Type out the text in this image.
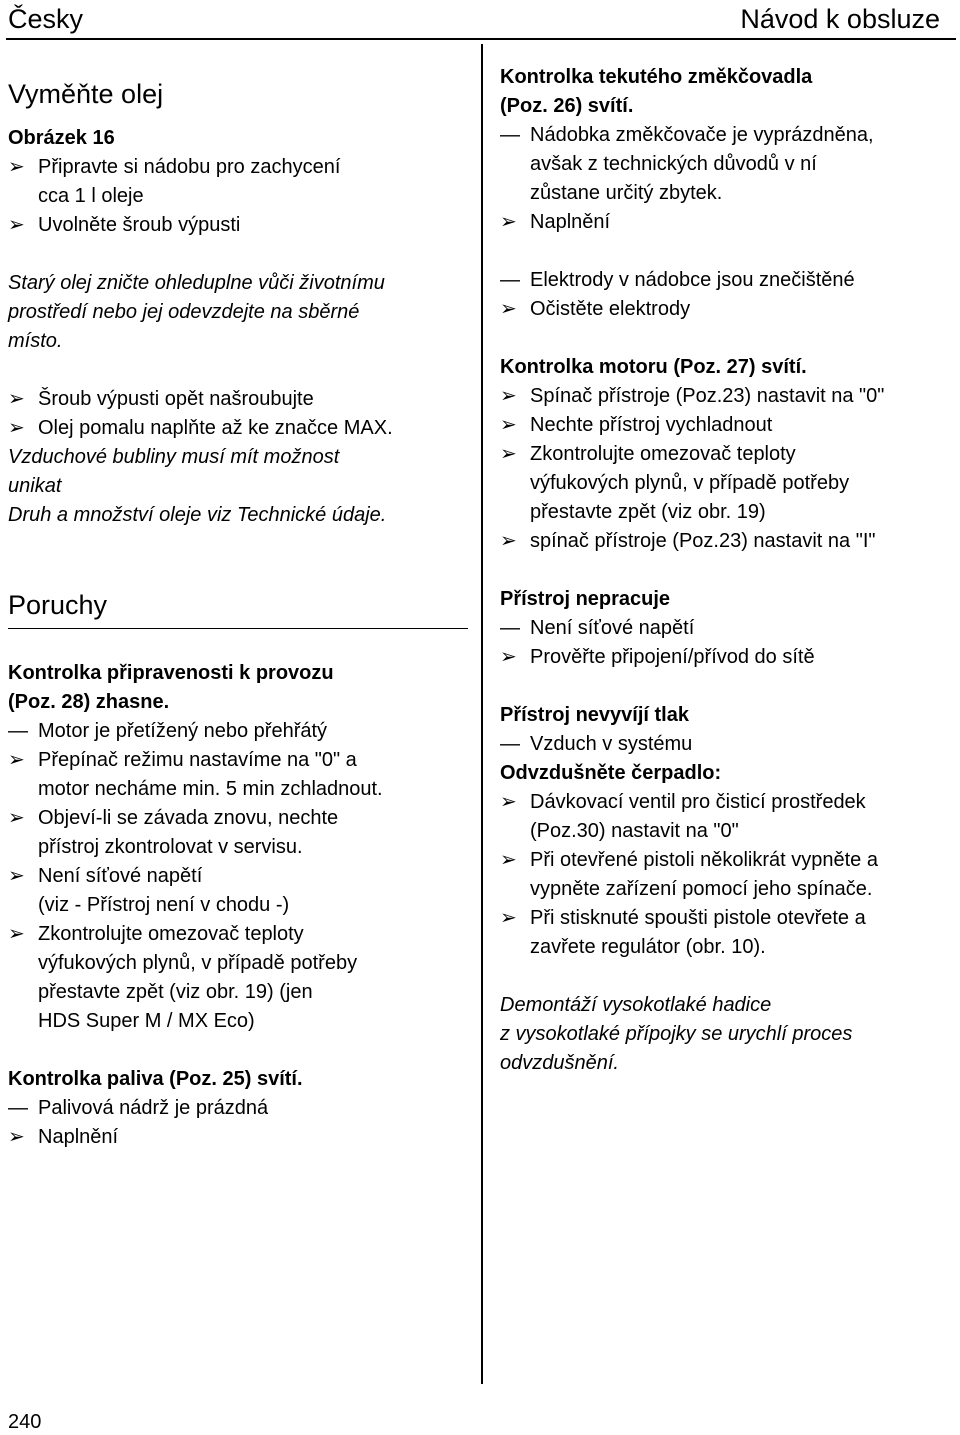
Česky	Návod k obsluze
240
Vyměňte olej
Obrázek 16
➢ Připravte si nádobu pro zachycení
cca 1 l oleje
➢ Uvolněte šroub výpusti
Starý olej zničte ohleduplne vůči životnímu
prostředí nebo jej odevzdejte na sběrné
místo.
➢ Šroub výpusti opět našroubujte
➢ Olej pomalu naplňte až ke značce MAX.
Vzduchové bubliny musí mít možnost
unikat
Druh a množství oleje viz Technické údaje.
Poruchy
Kontrolka připravenosti k provozu
(Poz. 28) zhasne.
— Motor je přetížený nebo přehřátý
➢ Přepínač režimu nastavíme na "0" a
motor necháme min. 5 min zchladnout.
➢ Objeví-li se závada znovu, nechte
přístroj zkontrolovat v servisu.
➢ Není síťové napětí
(viz - Přístroj není v chodu -)
➢ Zkontrolujte omezovač teploty
výfukových plynů, v případě potřeby
přestavte zpět (viz obr. 19) (jen
HDS Super M / MX Eco)
Kontrolka paliva (Poz. 25) svítí.
— Palivová nádrž je prázdná
➢ Naplnění
Kontrolka tekutého změkčovadla
(Poz. 26) svítí.
— Nádobka změkčovače je vyprázdněna,
avšak z technických důvodů v ní
zůstane určitý zbytek.
➢ Naplnění
— Elektrody v nádobce jsou znečištěné
➢ Očistěte elektrody
Kontrolka motoru (Poz. 27) svítí.
➢ Spínač přístroje (Poz.23) nastavit na "0"
➢ Nechte přístroj vychladnout
➢ Zkontrolujte omezovač teploty
výfukových plynů, v případě potřeby
přestavte zpět (viz obr. 19)
➢ spínač přístroje (Poz.23) nastavit na "I"
Přístroj nepracuje
— Není síťové napětí
➢ Prověřte připojení/přívod do sítě
Přístroj nevyvíjí tlak
— Vzduch v systému
Odvzdušněte čerpadlo:
➢ Dávkovací ventil pro čisticí prostředek
(Poz.30) nastavit na "0"
➢ Při otevřené pistoli několikrát vypněte a
vypněte zařízení pomocí jeho spínače.
➢ Při stisknuté spoušti pistole otevřete a
zavřete regulátor (obr. 10).
Demontáží vysokotlaké hadice
z vysokotlaké přípojky se urychlí proces
odvzdušnění.
